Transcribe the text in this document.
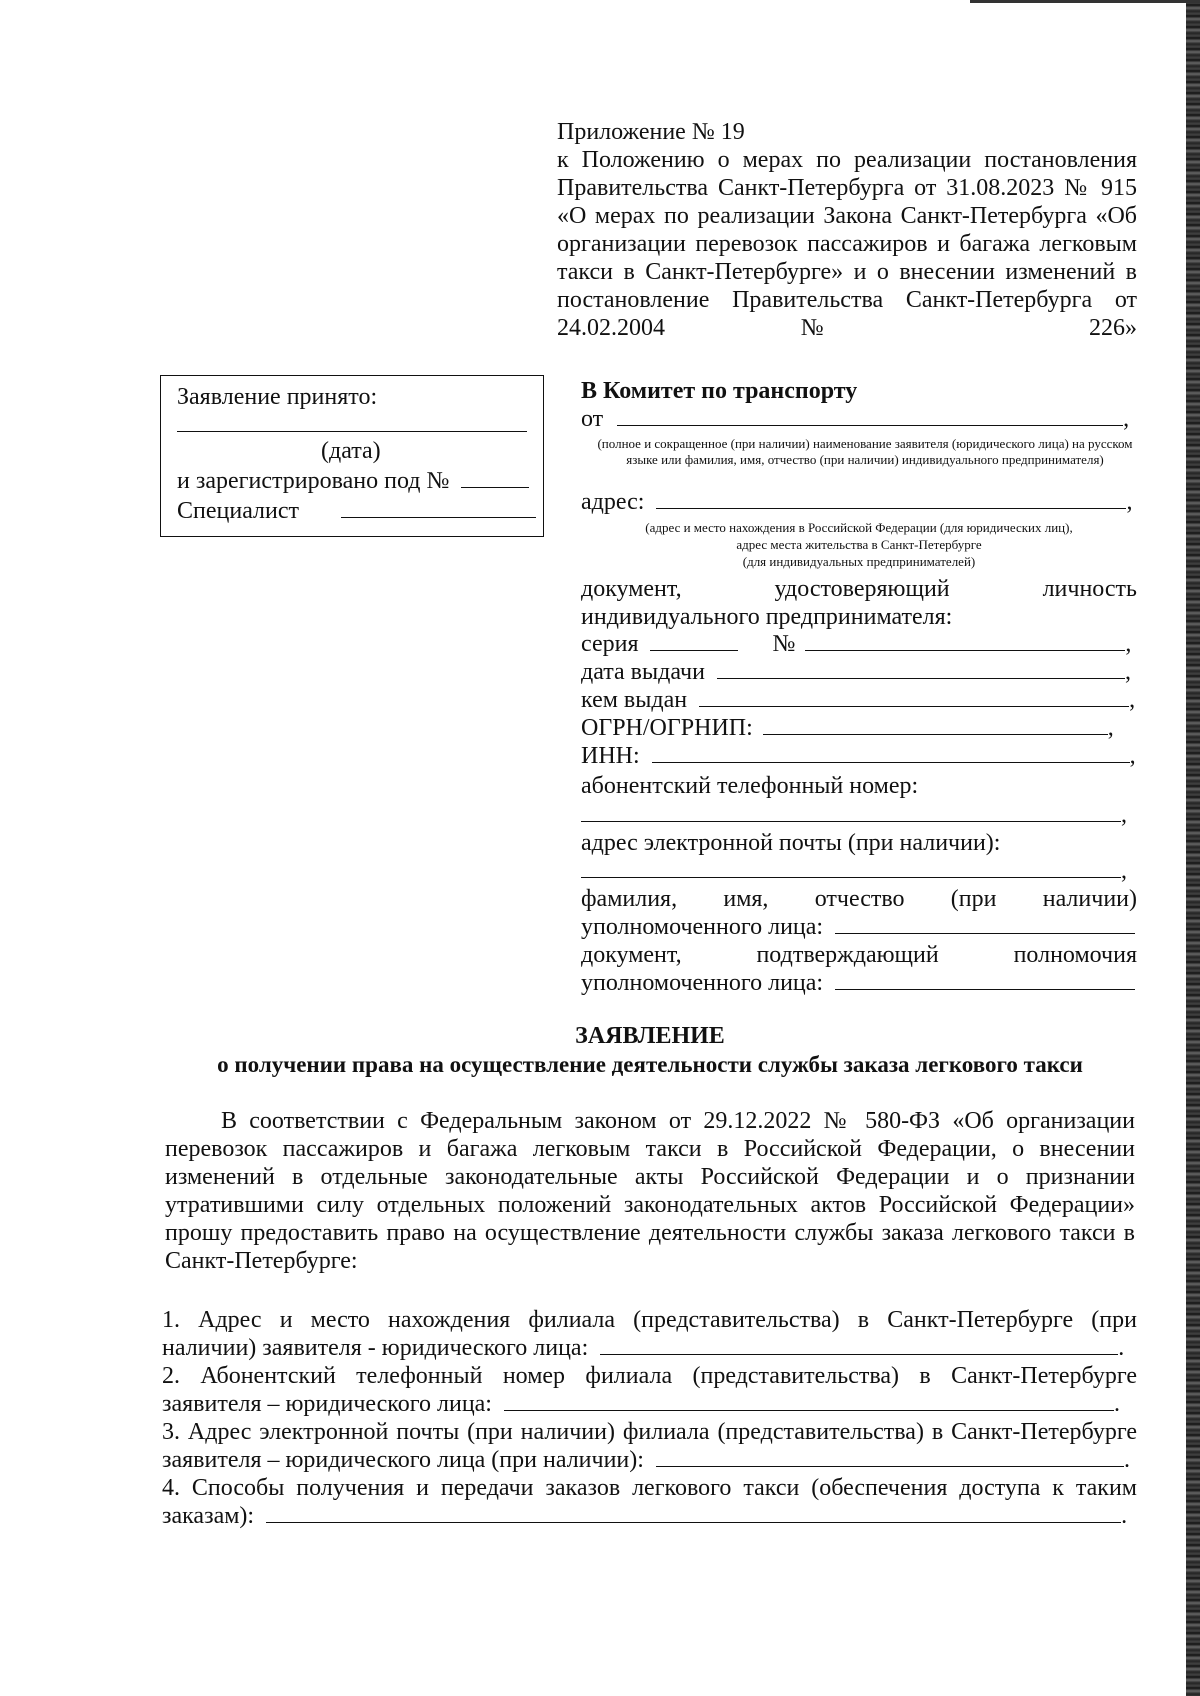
Приложение № 19
к Положению о мерах по реализации постановления Правительства Санкт-Петербурга от 31.08.2023 № 915 «О мерах по реализации Закона Санкт-Петербурга «Об организации перевозок пассажиров и багажа легковым такси в Санкт-Петербурге» и о внесении изменений в постановление Правительства Санкт-Петербурга от 24.02.2004 № 226»
Заявление принято:
(дата)
и зарегистрировано под №
Специалист
В Комитет по транспорту
от	,
(полное и сокращенное (при наличии) наименование заявителя (юридического лица) на русском языке или фамилия, имя, отчество (при наличии) индивидуального предпринимателя)
адрес:	,
(адрес и место нахождения в Российской Федерации (для юридических лиц),
адрес места жительства в Санкт-Петербурге
(для индивидуальных предпринимателей)
документ, удостоверяющий личность
индивидуального предпринимателя:
серия	№	,
дата выдачи	,
кем выдан	,
ОГРН/ОГРНИП:	,
ИНН:	,
абонентский телефонный номер:
,
адрес электронной почты (при наличии):
,
фамилия, имя, отчество (при наличии)
уполномоченного лица:
документ, подтверждающий полномочия
уполномоченного лица:
ЗАЯВЛЕНИЕ
о получении права на осуществление деятельности службы заказа легкового такси
В соответствии с Федеральным законом от 29.12.2022 № 580-ФЗ «Об организации перевозок пассажиров и багажа легковым такси в Российской Федерации, о внесении изменений в отдельные законодательные акты Российской Федерации и о признании утратившими силу отдельных положений законодательных актов Российской Федерации» прошу предоставить право на осуществление деятельности службы заказа легкового такси в Санкт-Петербурге:
1. Адрес и место нахождения филиала (представительства) в Санкт-Петербурге (при
наличии) заявителя - юридического лица:	.
2. Абонентский телефонный номер филиала (представительства) в Санкт-Петербурге
заявителя – юридического лица:	.
3. Адрес электронной почты (при наличии) филиала (представительства) в Санкт-Петербурге
заявителя – юридического лица (при наличии):	.
4. Способы получения и передачи заказов легкового такси (обеспечения доступа к таким
заказам):	.
